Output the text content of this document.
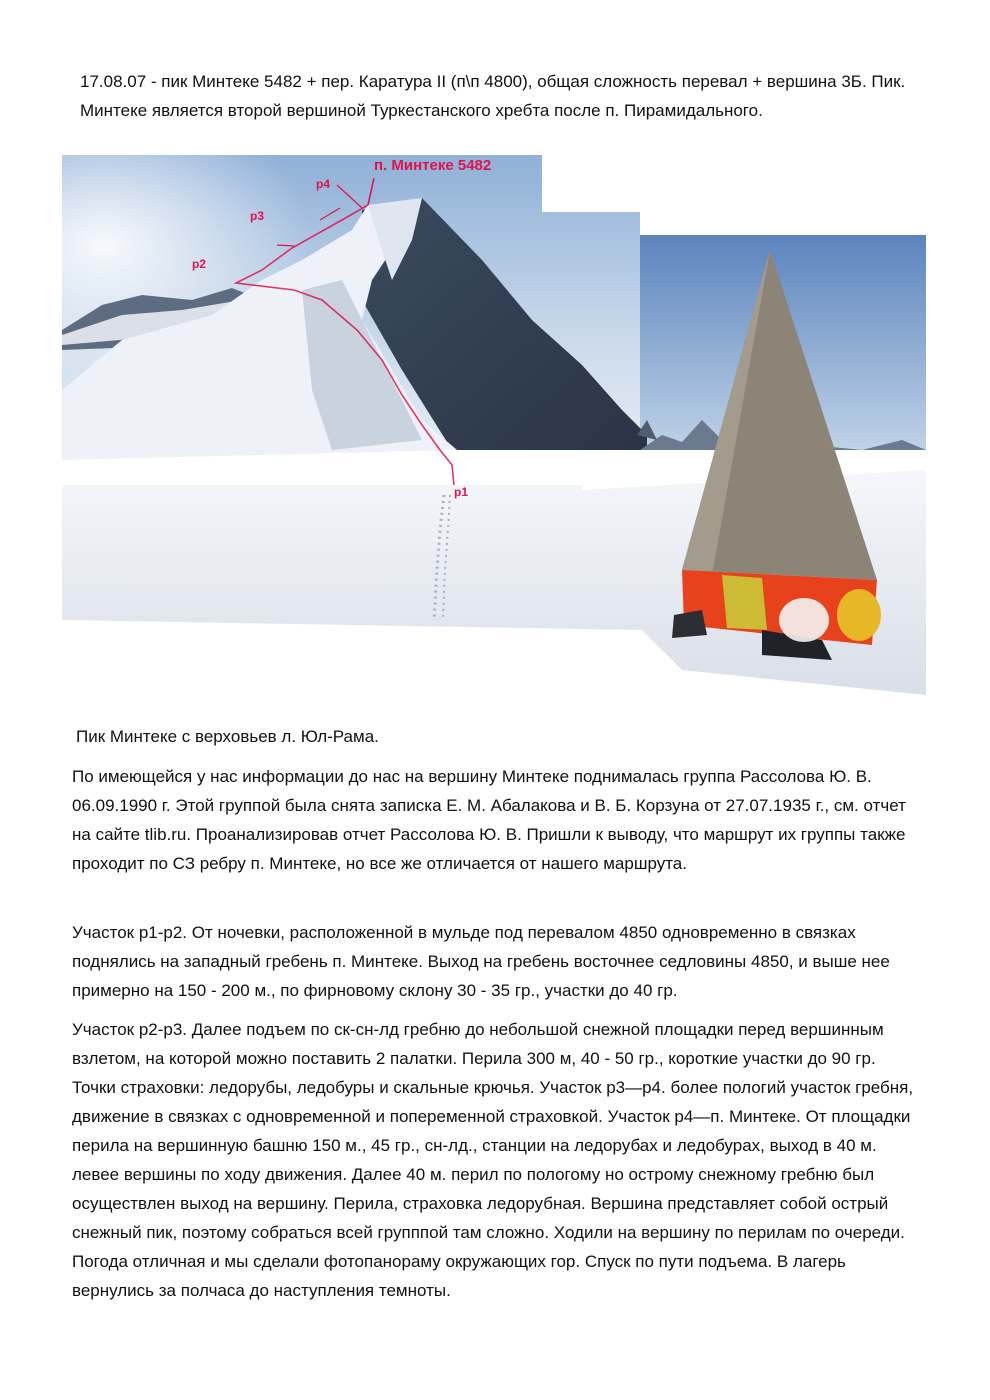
17.08.07 - пик Минтеке 5482 + пер. Каратура II (п\п 4800), общая сложность перевал + вершина 3Б. Пик. Минтеке является второй вершиной Туркестанского хребта после п. Пирамидального.

п. Минтеке 5482
р4
р3
р2
р1

Пик Минтеке с верховьев л. Юл-Рама.

По имеющейся у нас информации до нас на вершину Минтеке поднималась группа Рассолова Ю. В. 06.09.1990 г. Этой группой была снята записка Е. М. Абалакова и В. Б. Корзуна от 27.07.1935 г., см. отчет на сайте tlib.ru. Проанализировав отчет Рассолова Ю. В. Пришли к выводу, что маршрут их группы также проходит по СЗ ребру п. Минтеке, но все же отличается от нашего маршрута.

Участок р1-р2. От ночевки, расположенной в мульде под перевалом 4850 одновременно в связках поднялись на западный гребень п. Минтеке. Выход на гребень восточнее седловины 4850, и выше нее примерно на 150 - 200 м., по фирновому склону 30 - 35 гр., участки до 40 гр.

Участок р2-р3. Далее подъем по ск-сн-лд гребню до небольшой снежной площадки перед вершинным взлетом, на которой можно поставить 2 палатки. Перила 300 м, 40 - 50 гр., короткие участки до 90 гр. Точки страховки: ледорубы, ледобуры и скальные крючья. Участок р3—р4. более пологий участок гребня, движение в связках с одновременной и попеременной страховкой. Участок р4—п. Минтеке. От площадки перила на вершинную башню 150 м., 45 гр., сн-лд., станции на ледорубах и ледобурах, выход в 40 м. левее вершины по ходу движения. Далее 40 м. перил по пологому но острому снежному гребню был осуществлен выход на вершину. Перила, страховка ледорубная. Вершина представляет собой острый снежный пик, поэтому собраться всей групппой там сложно. Ходили на вершину по перилам по очереди. Погода отличная и мы сделали фотопанораму окружающих гор. Спуск по пути подъема. В лагерь вернулись за полчаса до наступления темноты.
